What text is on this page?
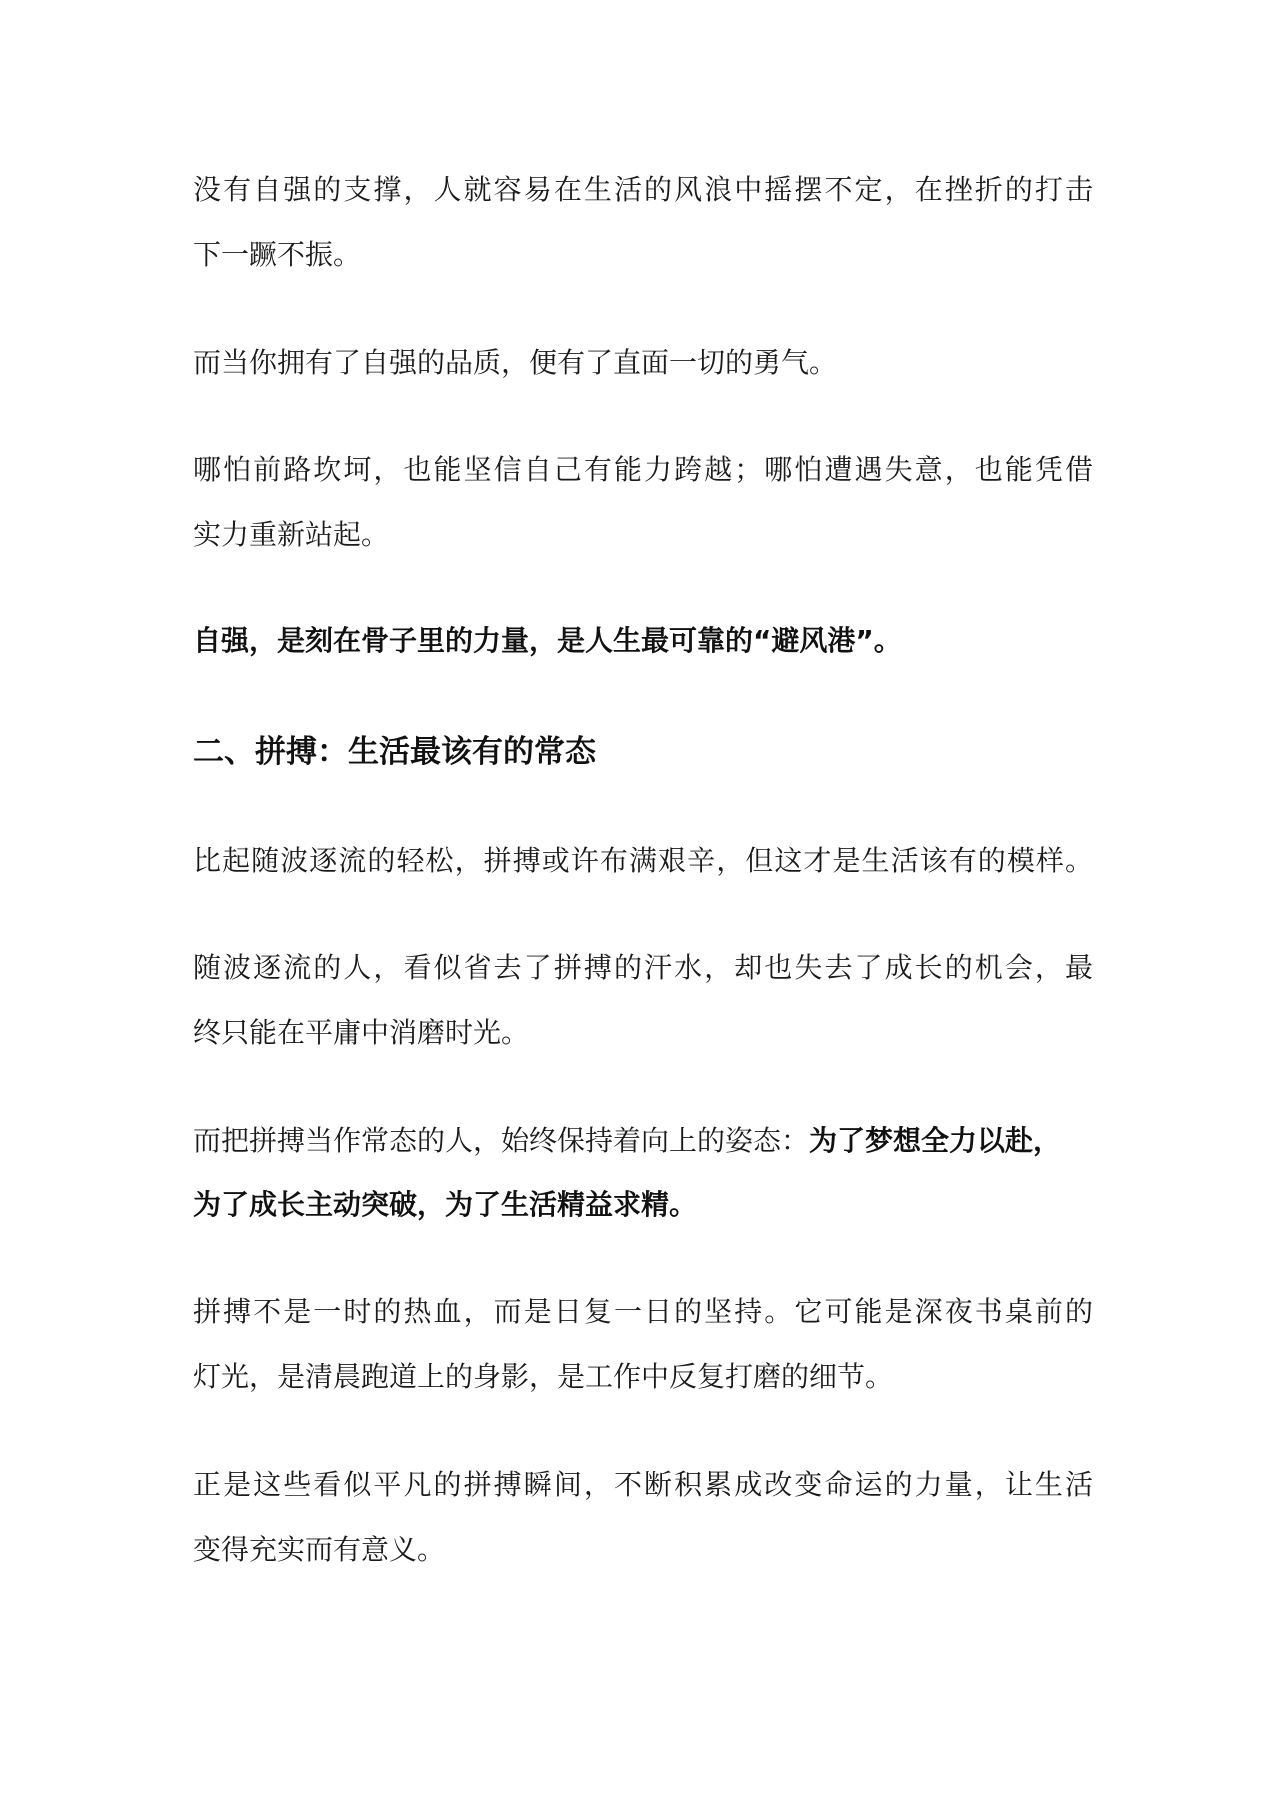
没有自强的支撑，人就容易在生活的风浪中摇摆不定，在挫折的打击
下一蹶不振。
而当你拥有了自强的品质，便有了直面一切的勇气。
哪怕前路坎坷，也能坚信自己有能力跨越；哪怕遭遇失意，也能凭借
实力重新站起。
自强，是刻在骨子里的力量，是人生最可靠的“避风港”。
二、拼搏：生活最该有的常态
比起随波逐流的轻松，拼搏或许布满艰辛，但这才是生活该有的模样。
随波逐流的人，看似省去了拼搏的汗水，却也失去了成长的机会，最
终只能在平庸中消磨时光。
而把拼搏当作常态的人，始终保持着向上的姿态：为了梦想全力以赴，
为了成长主动突破，为了生活精益求精。
拼搏不是一时的热血，而是日复一日的坚持。它可能是深夜书桌前的
灯光，是清晨跑道上的身影，是工作中反复打磨的细节。
正是这些看似平凡的拼搏瞬间，不断积累成改变命运的力量，让生活
变得充实而有意义。
